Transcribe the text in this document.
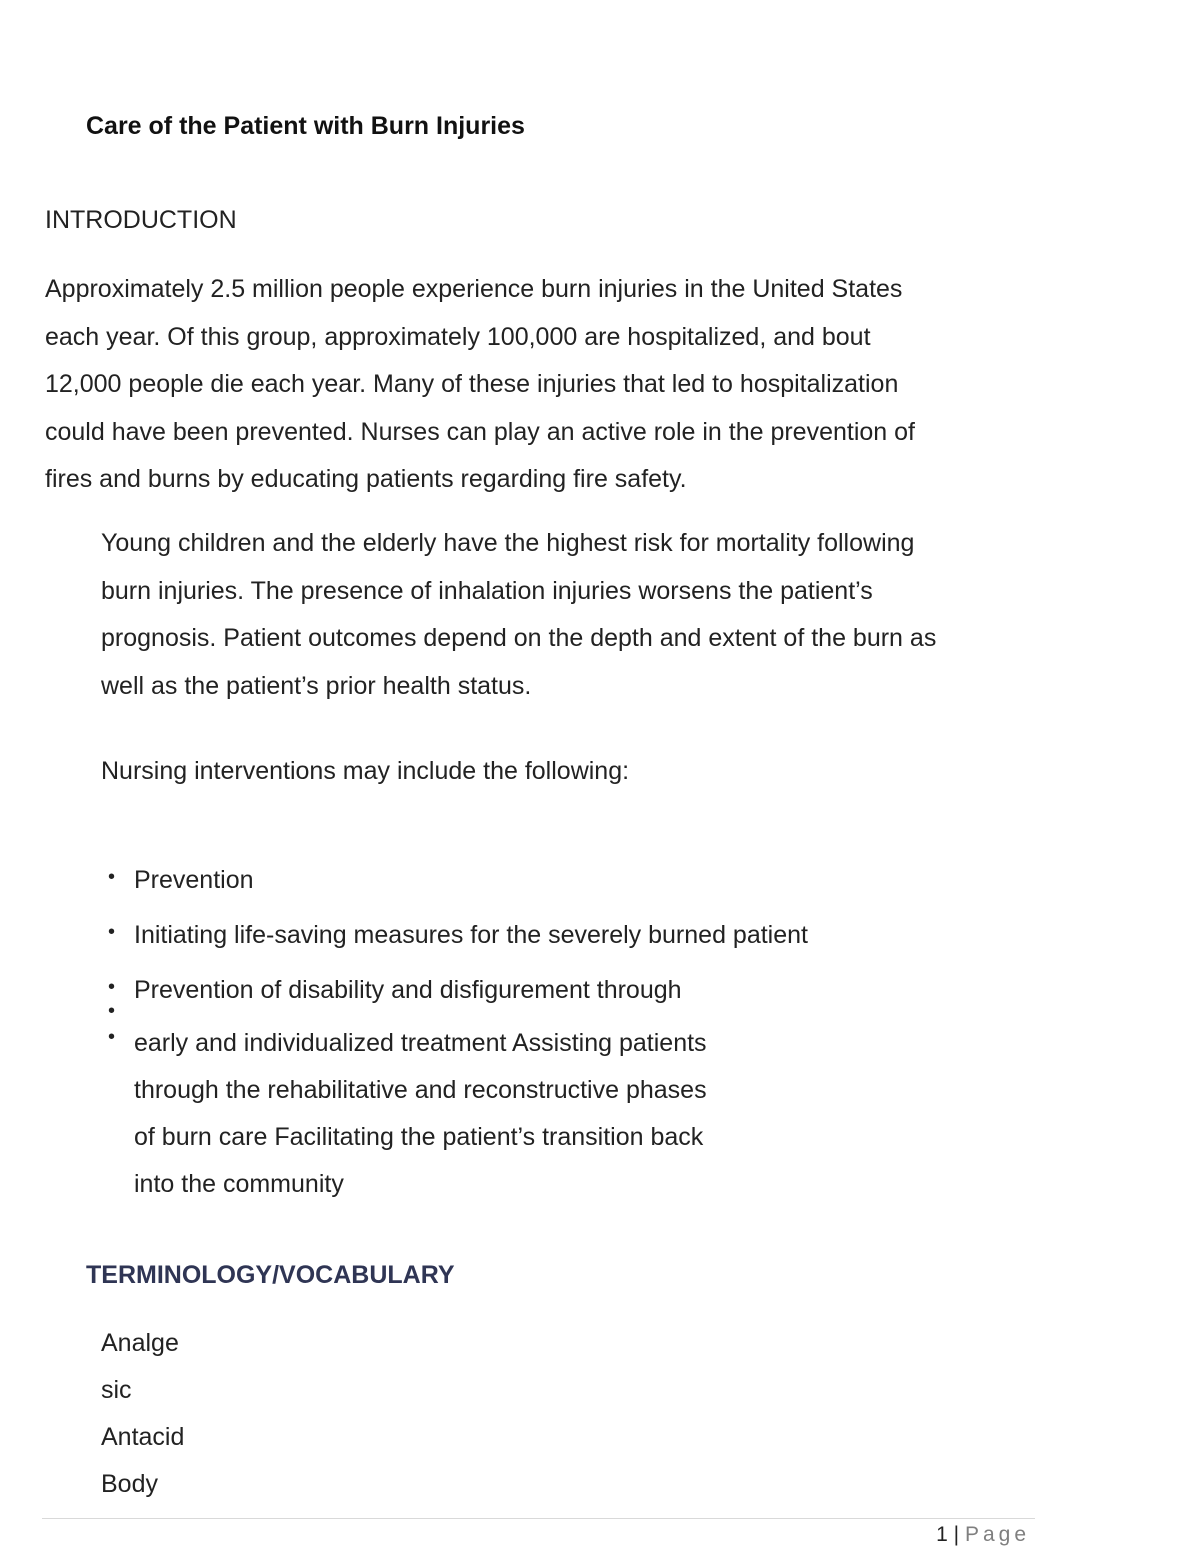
Care of the Patient with Burn Injuries
INTRODUCTION

Approximately 2.5 million people experience burn injuries in the United States
each year. Of this group, approximately 100,000 are hospitalized, and bout
12,000 people die each year. Many of these injuries that led to hospitalization
could have been prevented. Nurses can play an active role in the prevention of
fires and burns by educating patients regarding fire safety.

Young children and the elderly have the highest risk for mortality following
burn injuries. The presence of inhalation injuries worsens the patient’s
prognosis. Patient outcomes depend on the depth and extent of the burn as
well as the patient’s prior health status.

Nursing interventions may include the following:

• Prevention
• Initiating life-saving measures for the severely burned patient
• Prevention of disability and disfigurement through
•
• early and individualized treatment Assisting patients
through the rehabilitative and reconstructive phases
of burn care Facilitating the patient’s transition back
into the community

TERMINOLOGY/VOCABULARY
Analge
sic
Antacid
Body
1 | Page
